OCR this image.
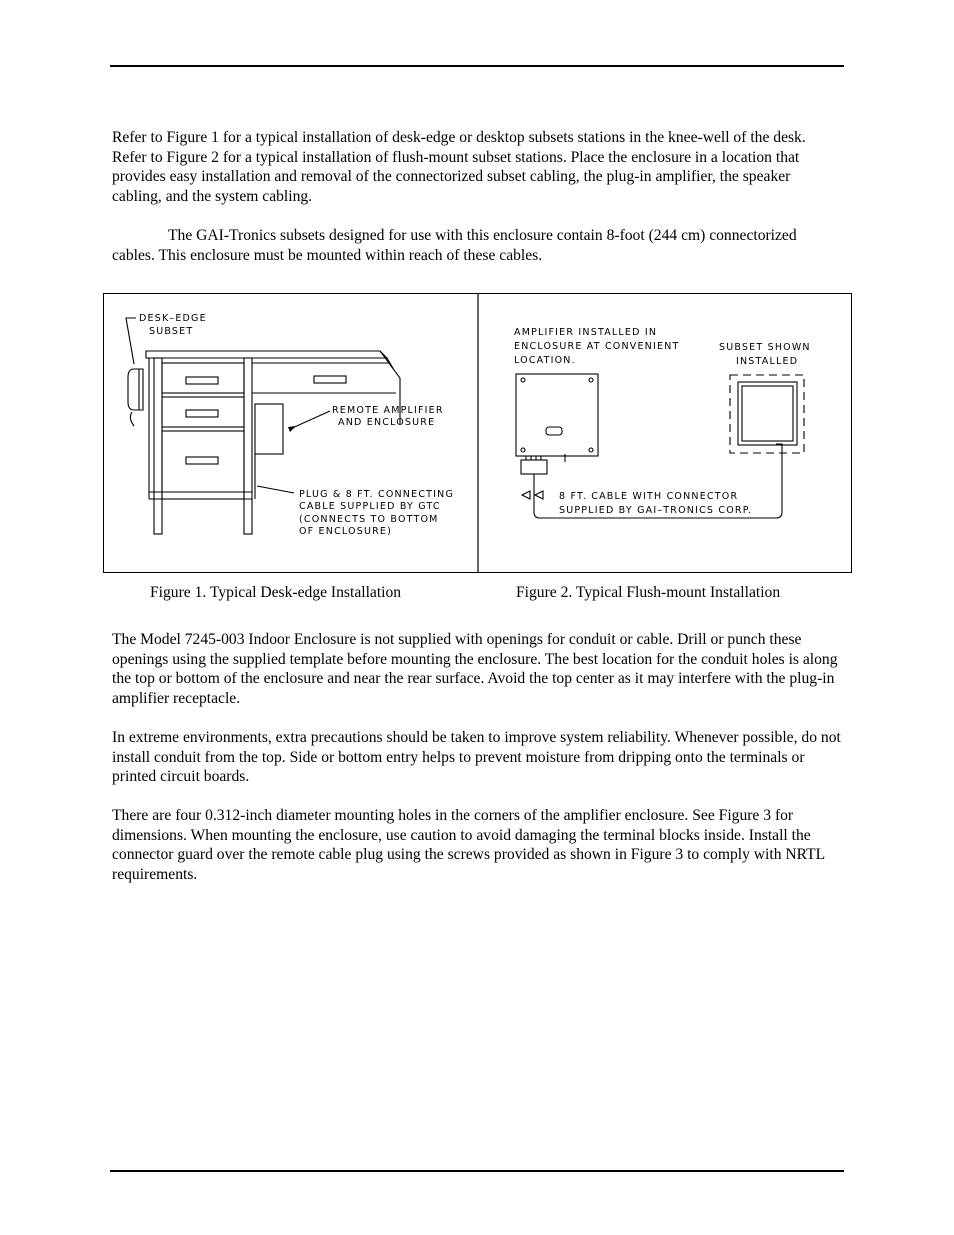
Refer to Figure 1 for a typical installation of desk-edge or desktop subsets stations in the knee-well of the desk. Refer to Figure 2 for a typical installation of flush-mount subset stations. Place the enclosure in a location that provides easy installation and removal of the connectorized subset cabling, the plug-in amplifier, the speaker cabling, and the system cabling.

The GAI-Tronics subsets designed for use with this enclosure contain 8-foot (244 cm) connectorized cables. This enclosure must be mounted within reach of these cables.

DESK–EDGE
SUBSET
REMOTE AMPLIFIER
AND ENCLOSURE
PLUG & 8 FT. CONNECTING
CABLE SUPPLIED BY GTC
(CONNECTS TO BOTTOM
OF ENCLOSURE)
AMPLIFIER INSTALLED IN
ENCLOSURE AT CONVENIENT
LOCATION.
SUBSET SHOWN
INSTALLED
8 FT. CABLE WITH CONNECTOR
SUPPLIED BY GAI–TRONICS CORP.
Figure 1. Typical Desk-edge Installation	Figure 2. Typical Flush-mount Installation

The Model 7245-003 Indoor Enclosure is not supplied with openings for conduit or cable. Drill or punch these openings using the supplied template before mounting the enclosure. The best location for the conduit holes is along the top or bottom of the enclosure and near the rear surface. Avoid the top center as it may interfere with the plug-in amplifier receptacle.

In extreme environments, extra precautions should be taken to improve system reliability. Whenever possible, do not install conduit from the top. Side or bottom entry helps to prevent moisture from dripping onto the terminals or printed circuit boards.

There are four 0.312-inch diameter mounting holes in the corners of the amplifier enclosure. See Figure 3 for dimensions. When mounting the enclosure, use caution to avoid damaging the terminal blocks inside. Install the connector guard over the remote cable plug using the screws provided as shown in Figure 3 to comply with NRTL requirements.
